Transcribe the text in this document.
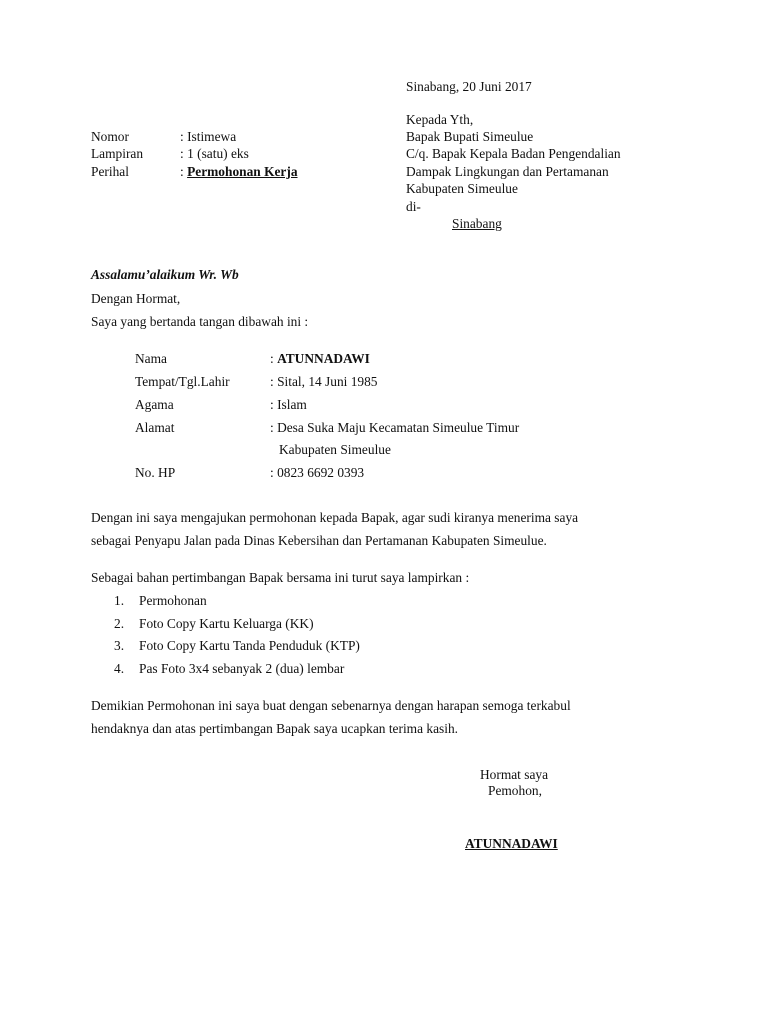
Sinabang, 20 Juni 2017
Kepada Yth,
Bapak Bupati Simeulue
C/q. Bapak Kepala Badan Pengendalian
Dampak Lingkungan dan Pertamanan
Kabupaten Simeulue
di-
Sinabang
Nomor	: Istimewa
Lampiran	: 1 (satu) eks
Perihal	: Permohonan Kerja
Assalamu’alaikum Wr. Wb
Dengan Hormat,
Saya yang bertanda tangan dibawah ini :
Nama	: ATUNNADAWI
Tempat/Tgl.Lahir	: Sital, 14 Juni 1985
Agama	: Islam
Alamat	: Desa Suka Maju Kecamatan Simeulue Timur
Kabupaten Simeulue
No. HP	: 0823 6692 0393
Dengan ini saya mengajukan permohonan kepada Bapak, agar sudi kiranya menerima saya
sebagai Penyapu Jalan pada Dinas Kebersihan dan Pertamanan Kabupaten Simeulue.
Sebagai bahan pertimbangan Bapak bersama ini turut saya lampirkan :
1. Permohonan
2. Foto Copy Kartu Keluarga (KK)
3. Foto Copy Kartu Tanda Penduduk (KTP)
4. Pas Foto 3x4 sebanyak 2 (dua) lembar
Demikian Permohonan ini saya buat dengan sebenarnya dengan harapan semoga terkabul
hendaknya dan atas pertimbangan Bapak saya ucapkan terima kasih.
Hormat saya
Pemohon,
ATUNNADAWI
